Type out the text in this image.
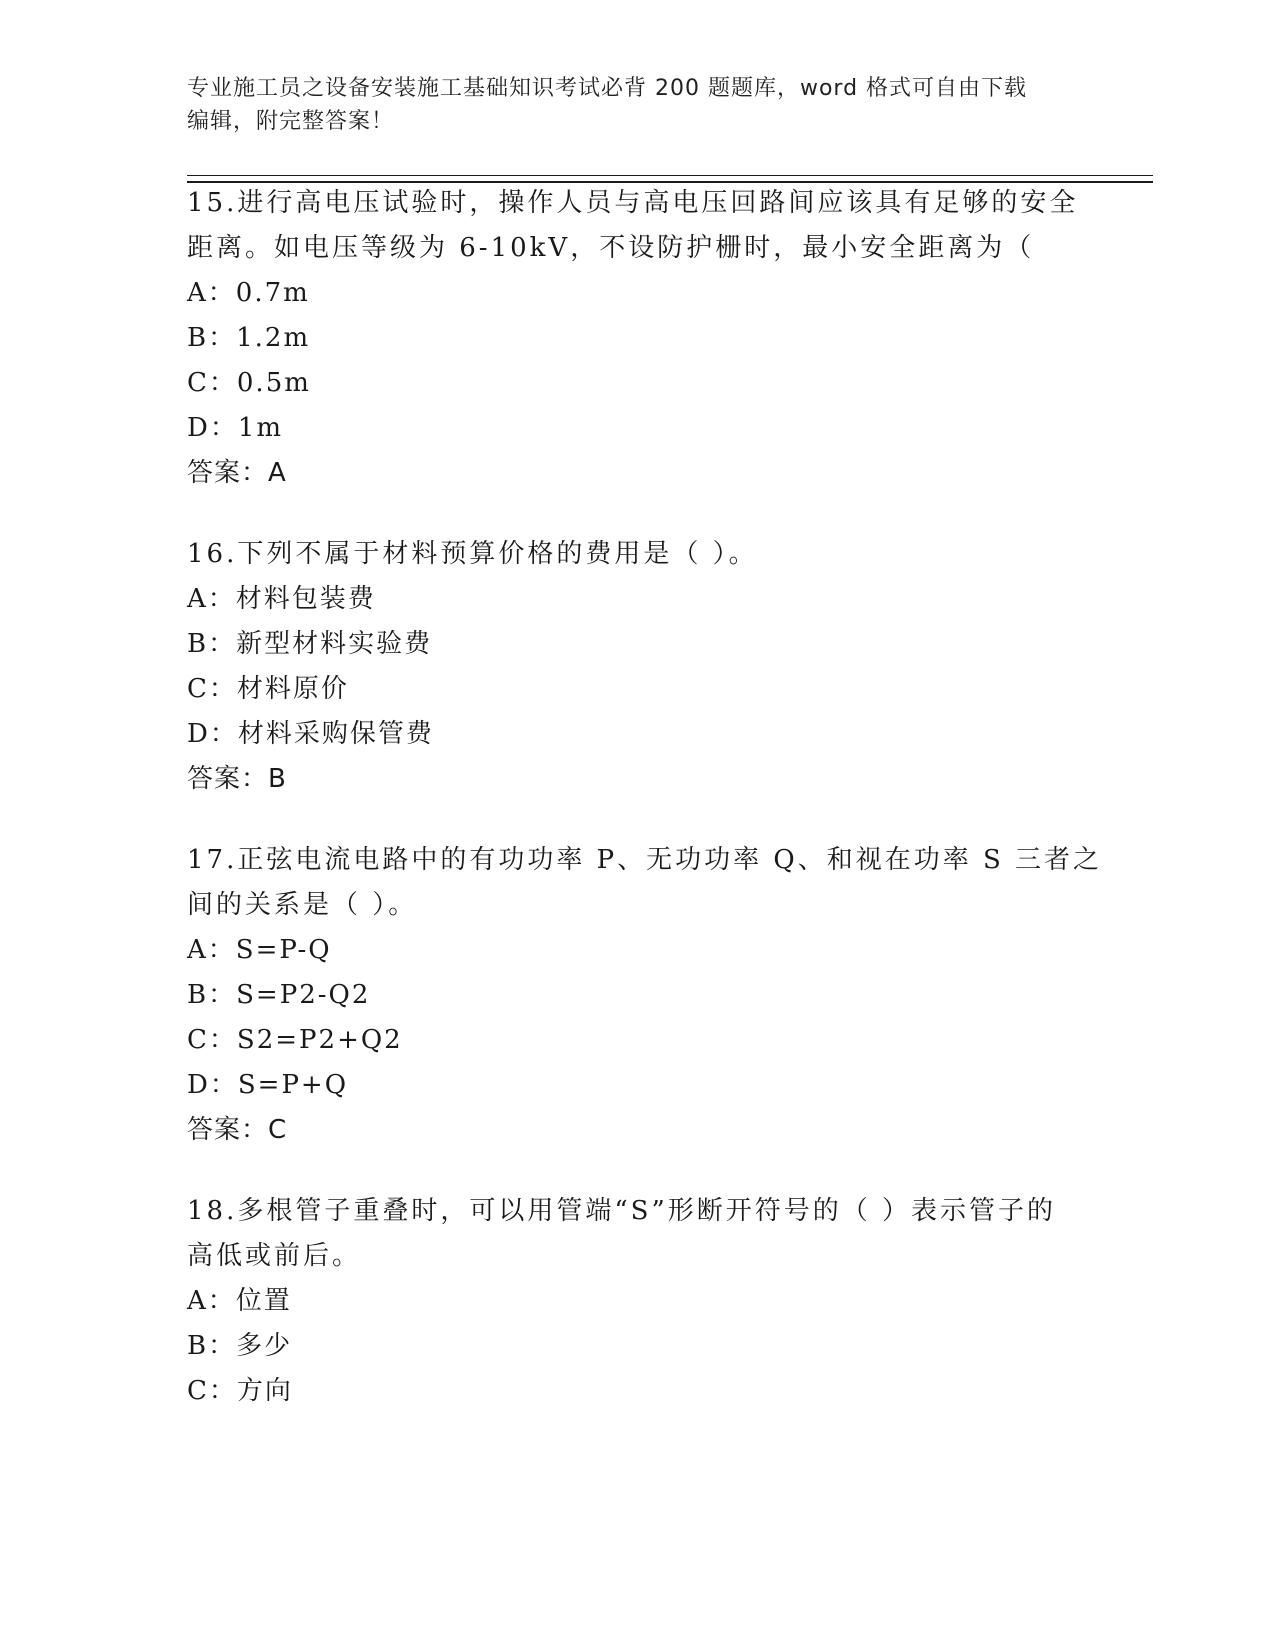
专业施工员之设备安装施工基础知识考试必背 200 题题库，word 格式可自由下载
编辑，附完整答案！
15.进行高电压试验时，操作人员与高电压回路间应该具有足够的安全
距离。如电压等级为 6-10kV，不设防护栅时，最小安全距离为（
A：0.7m
B：1.2m
C：0.5m
D：1m
答案：A
16.下列不属于材料预算价格的费用是（ ）。
A：材料包装费
B：新型材料实验费
C：材料原价
D：材料采购保管费
答案：B
17.正弦电流电路中的有功功率 P、无功功率 Q、和视在功率 S 三者之
间的关系是（ ）。
A：S=P-Q
B：S=P2-Q2
C：S2=P2+Q2
D：S=P+Q
答案：C
18.多根管子重叠时，可以用管端“S”形断开符号的（ ）表示管子的
高低或前后。
A：位置
B：多少
C：方向
